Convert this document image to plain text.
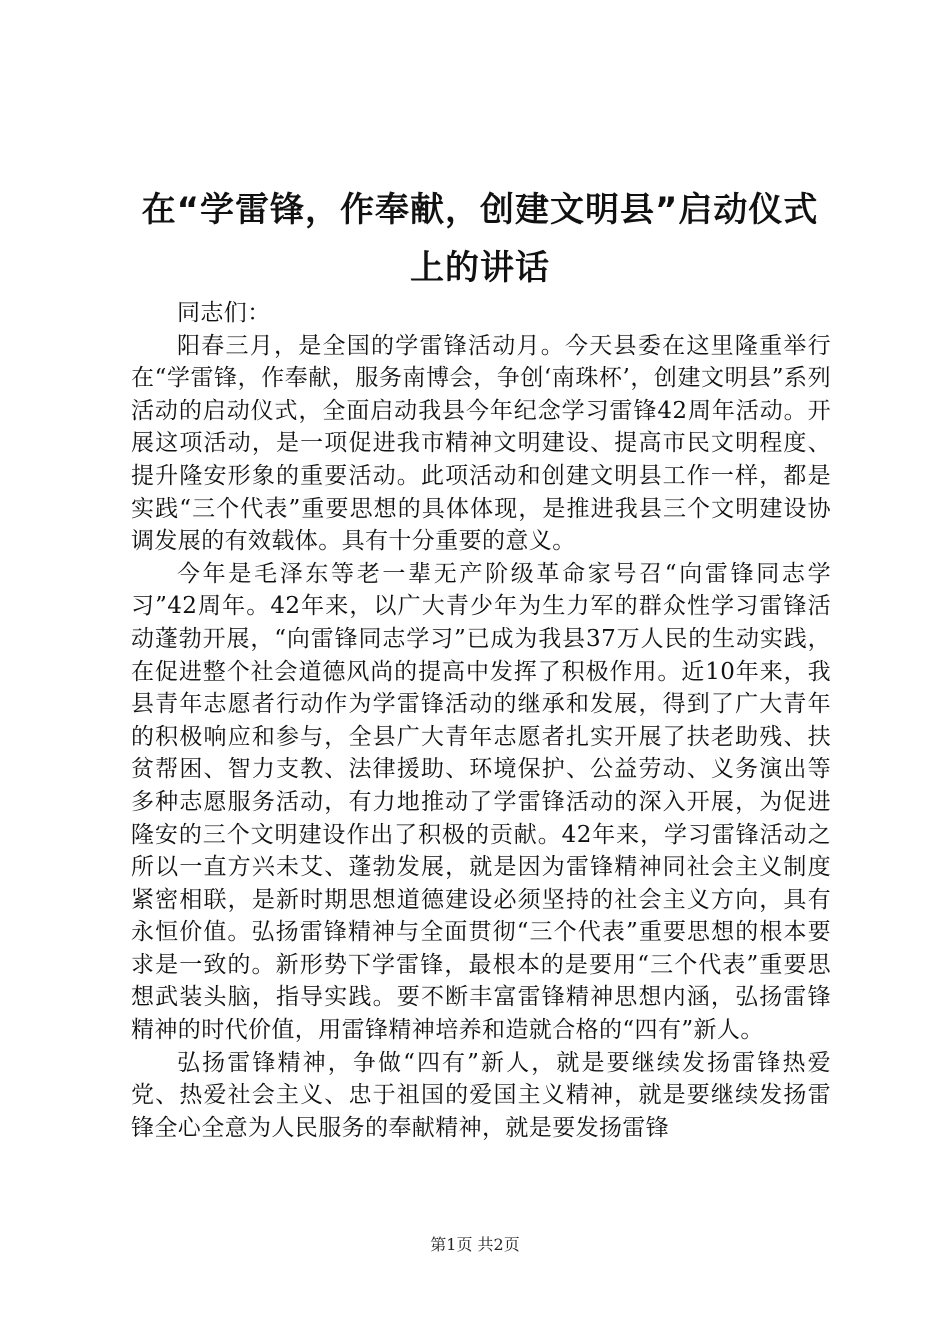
在“学雷锋，作奉献，创建文明县”启动仪式
上的讲话

同志们：

阳春三月，是全国的学雷锋活动月。今天县委在这里隆重举行在“学雷锋，作奉献，服务南博会，争创‘南珠杯’，创建文明县”系列活动的启动仪式，全面启动我县今年纪念学习雷锋42周年活动。开展这项活动，是一项促进我市精神文明建设、提高市民文明程度、提升隆安形象的重要活动。此项活动和创建文明县工作一样，都是实践“三个代表”重要思想的具体体现，是推进我县三个文明建设协调发展的有效载体。具有十分重要的意义。

今年是毛泽东等老一辈无产阶级革命家号召“向雷锋同志学习”42周年。42年来，以广大青少年为生力军的群众性学习雷锋活动蓬勃开展，“向雷锋同志学习”已成为我县37万人民的生动实践，在促进整个社会道德风尚的提高中发挥了积极作用。近10年来，我县青年志愿者行动作为学雷锋活动的继承和发展，得到了广大青年的积极响应和参与，全县广大青年志愿者扎实开展了扶老助残、扶贫帮困、智力支教、法律援助、环境保护、公益劳动、义务演出等多种志愿服务活动，有力地推动了学雷锋活动的深入开展，为促进隆安的三个文明建设作出了积极的贡献。42年来，学习雷锋活动之所以一直方兴未艾、蓬勃发展，就是因为雷锋精神同社会主义制度紧密相联，是新时期思想道德建设必须坚持的社会主义方向，具有永恒价值。弘扬雷锋精神与全面贯彻“三个代表”重要思想的根本要求是一致的。新形势下学雷锋，最根本的是要用“三个代表”重要思想武装头脑，指导实践。要不断丰富雷锋精神思想内涵，弘扬雷锋精神的时代价值，用雷锋精神培养和造就合格的“四有”新人。

弘扬雷锋精神，争做“四有”新人，就是要继续发扬雷锋热爱党、热爱社会主义、忠于祖国的爱国主义精神，就是要继续发扬雷锋全心全意为人民服务的奉献精神，就是要发扬雷锋

第1页 共2页
